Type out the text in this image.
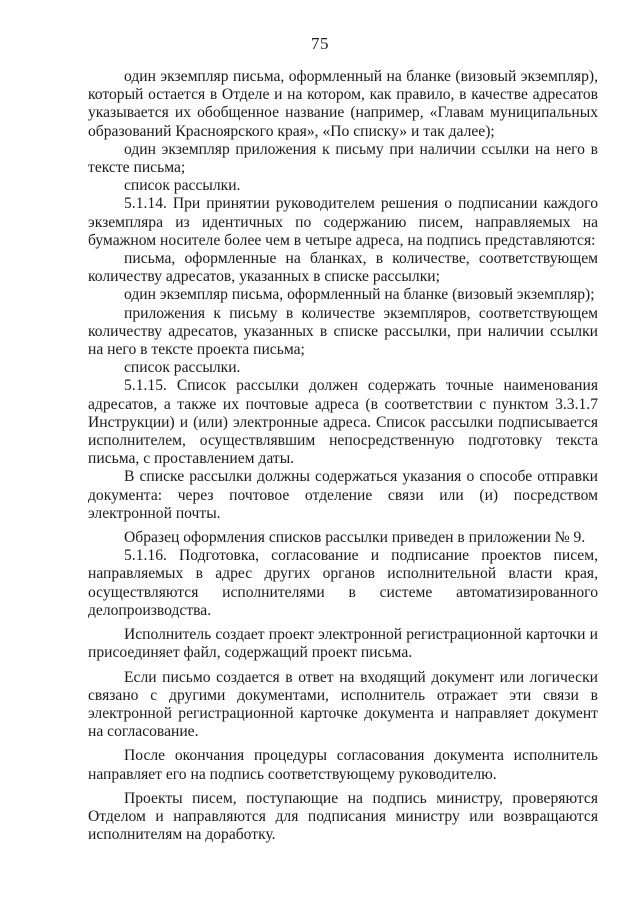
75

один экземпляр письма, оформленный на бланке (визовый экземпляр), который остается в Отделе и на котором, как правило, в качестве адресатов указывается их обобщенное название (например, «Главам муниципальных образований Красноярского края», «По списку» и так далее);

один экземпляр приложения к письму при наличии ссылки на него в тексте письма;

список рассылки.

5.1.14. При принятии руководителем решения о подписании каждого экземпляра из идентичных по содержанию писем, направляемых на бумажном носителе более чем в четыре адреса, на подпись представляются:

письма, оформленные на бланках, в количестве, соответствующем количеству адресатов, указанных в списке рассылки;

один экземпляр письма, оформленный на бланке (визовый экземпляр);

приложения к письму в количестве экземпляров, соответствующем количеству адресатов, указанных в списке рассылки, при наличии ссылки на него в тексте проекта письма;

список рассылки.

5.1.15. Список рассылки должен содержать точные наименования адресатов, а также их почтовые адреса (в соответствии с пунктом 3.3.1.7 Инструкции) и (или) электронные адреса. Список рассылки подписывается исполнителем, осуществлявшим непосредственную подготовку текста письма, с проставлением даты.

В списке рассылки должны содержаться указания о способе отправки документа: через почтовое отделение связи или (и) посредством электронной почты.

Образец оформления списков рассылки приведен в приложении № 9.

5.1.16. Подготовка, согласование и подписание проектов писем, направляемых в адрес других органов исполнительной власти края, осуществляются исполнителями в системе автоматизированного делопроизводства.

Исполнитель создает проект электронной регистрационной карточки и присоединяет файл, содержащий проект письма.

Если письмо создается в ответ на входящий документ или логически связано с другими документами, исполнитель отражает эти связи в электронной регистрационной карточке документа и направляет документ на согласование.

После окончания процедуры согласования документа исполнитель направляет его на подпись соответствующему руководителю.

Проекты писем, поступающие на подпись министру, проверяются Отделом и направляются для подписания министру или возвращаются исполнителям на доработку.
